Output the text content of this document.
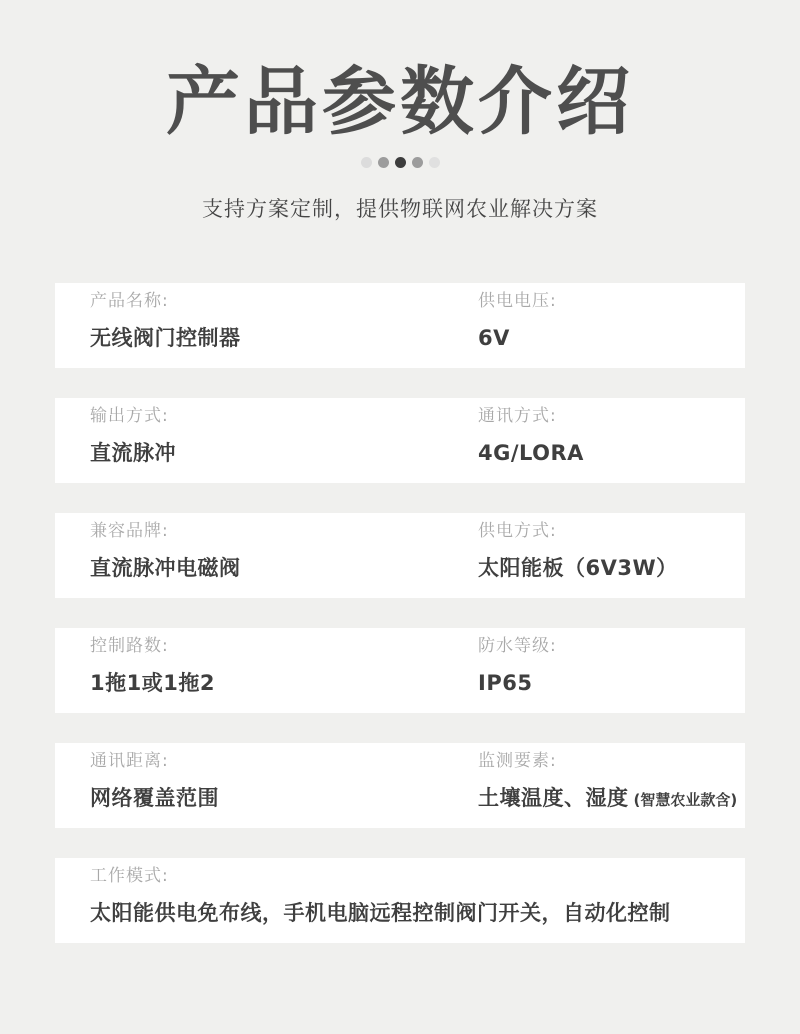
产品参数介绍
支持方案定制，提供物联网农业解决方案
产品名称:
无线阀门控制器
供电电压:
6V
输出方式:
直流脉冲
通讯方式:
4G/LORA
兼容品牌:
直流脉冲电磁阀
供电方式:
太阳能板（6V3W）
控制路数:
1拖1或1拖2
防水等级:
IP65
通讯距离:
网络覆盖范围
监测要素:
土壤温度、湿度 (智慧农业款含)
工作模式:
太阳能供电免布线，手机电脑远程控制阀门开关，自动化控制
